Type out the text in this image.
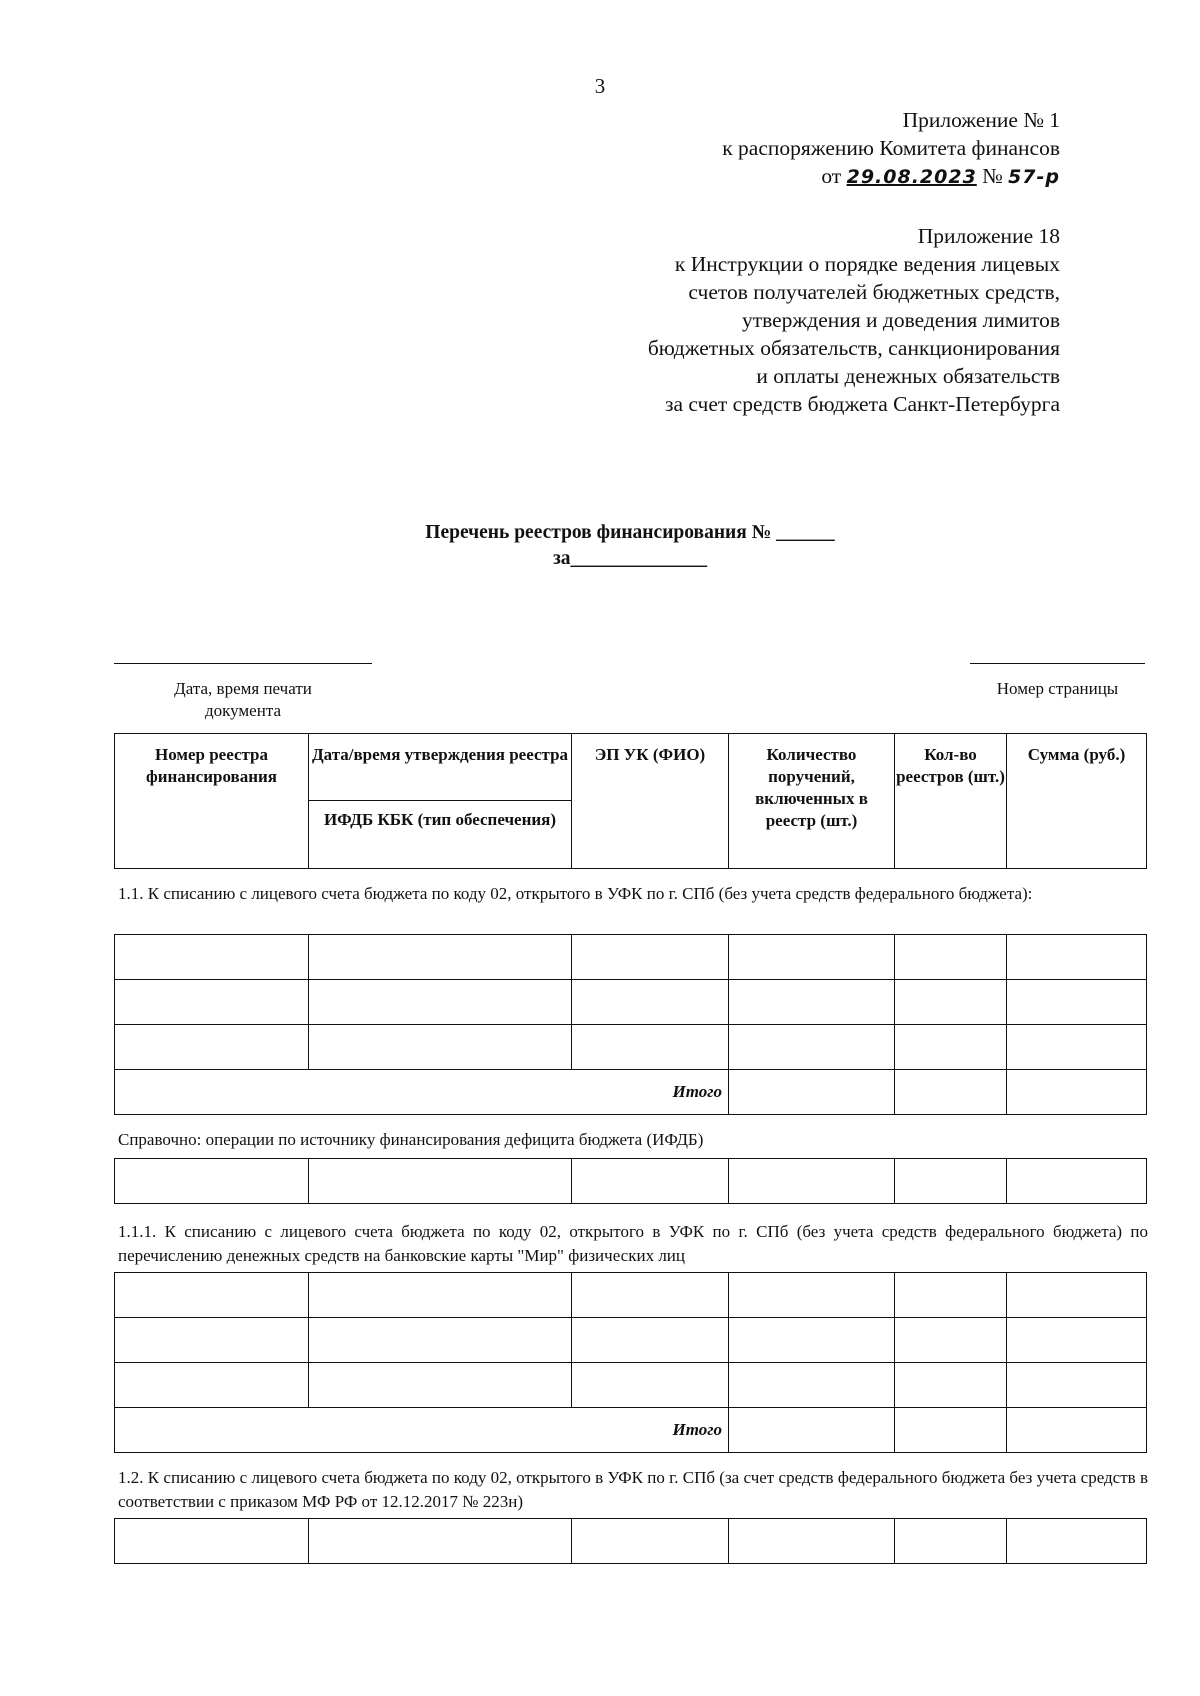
3
Приложение № 1
к распоряжению Комитета финансов
от 29.08.2023 № 57-р
Приложение 18
к Инструкции о порядке ведения лицевых
счетов получателей бюджетных средств,
утверждения и доведения лимитов
бюджетных обязательств, санкционирования
и оплаты денежных обязательств
за счет средств бюджета Санкт-Петербурга
Перечень реестров финансирования № ______
за______________
Дата, время печати
документа
Номер страницы
Номер реестра финансирования	Дата/время утверждения реестра	ЭП УК (ФИО)	Количество поручений, включенных в реестр (шт.)	Кол-во реестров (шт.)	Сумма (руб.)
ИФДБ КБК (тип обеспечения)
1.1. К списанию с лицевого счета бюджета по коду 02, открытого в УФК по г. СПб (без учета средств федерального бюджета):

Итого					
Справочно: операции по источнику финансирования дефицита бюджета (ИФДБ)

1.1.1. К списанию с лицевого счета бюджета по коду 02, открытого в УФК по г. СПб (без учета средств федерального бюджета) по перечислению денежных средств на банковские карты "Мир" физических лиц

Итого					
1.2. К списанию с лицевого счета бюджета по коду 02, открытого в УФК по г. СПб (за счет средств федерального бюджета без учета средств в соответствии с приказом МФ РФ от 12.12.2017 № 223н)
